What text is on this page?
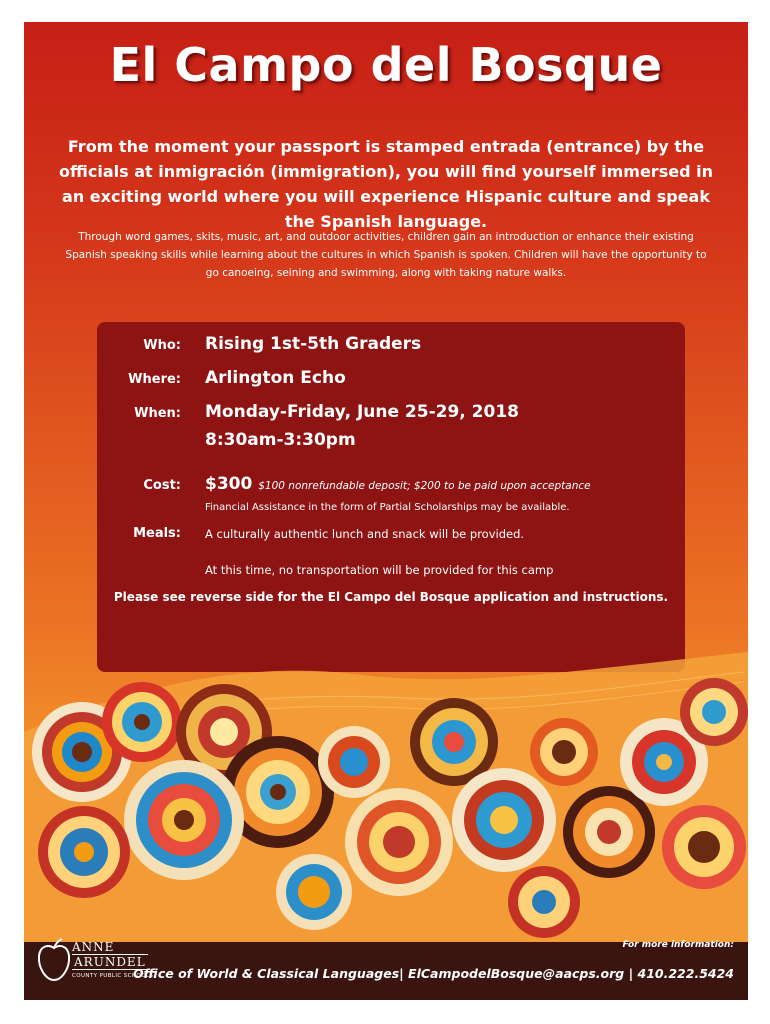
El Campo del Bosque
From the moment your passport is stamped entrada (entrance) by the officials at inmigración (immigration), you will find yourself immersed in an exciting world where you will experience Hispanic culture and speak the Spanish language.
Through word games, skits, music, art, and outdoor activities, children gain an introduction or enhance their existing Spanish speaking skills while learning about the cultures in which Spanish is spoken. Children will have the opportunity to go canoeing, seining and swimming, along with taking nature walks.
Who: Rising 1st-5th Graders
Where: Arlington Echo
When: Monday-Friday, June 25-29, 2018
8:30am-3:30pm
Cost: $300 $100 nonrefundable deposit; $200 to be paid upon acceptance
Financial Assistance in the form of Partial Scholarships may be available.
Meals: A culturally authentic lunch and snack will be provided.
At this time, no transportation will be provided for this camp
Please see reverse side for the El Campo del Bosque application and instructions.
ANNE
ARUNDEL
COUNTY PUBLIC SCHOOLS
For more information:
Office of World & Classical Languages| ElCampodelBosque@aacps.org | 410.222.5424
